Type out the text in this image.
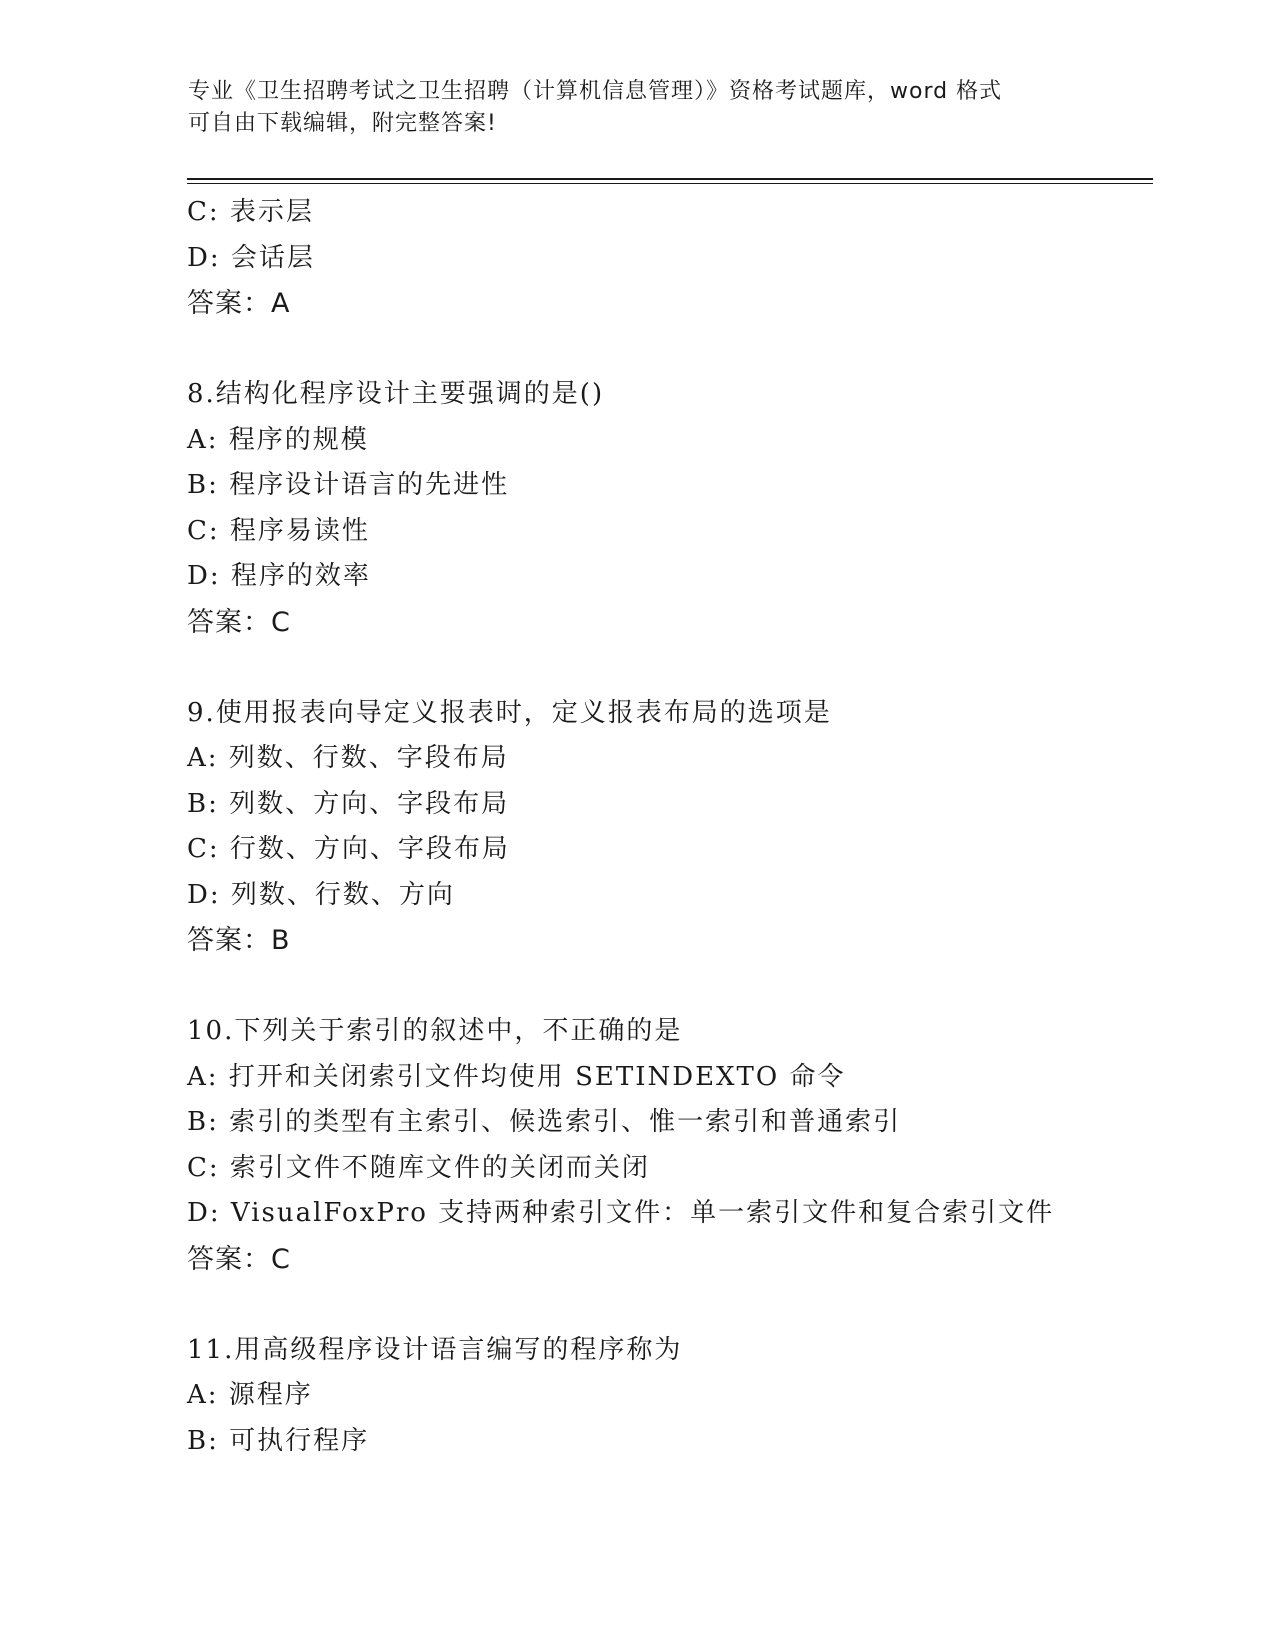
专业《卫生招聘考试之卫生招聘（计算机信息管理）》资格考试题库，word 格式
可自由下载编辑，附完整答案!
C: 表示层
D: 会话层
答案：A
8.结构化程序设计主要强调的是()
A: 程序的规模
B: 程序设计语言的先进性
C: 程序易读性
D: 程序的效率
答案：C
9.使用报表向导定义报表时，定义报表布局的选项是
A: 列数、行数、字段布局
B: 列数、方向、字段布局
C: 行数、方向、字段布局
D: 列数、行数、方向
答案：B
10.下列关于索引的叙述中，不正确的是
A: 打开和关闭索引文件均使用 SETINDEXTO 命令
B: 索引的类型有主索引、候选索引、惟一索引和普通索引
C: 索引文件不随库文件的关闭而关闭
D: VisualFoxPro 支持两种索引文件：单一索引文件和复合索引文件
答案：C
11.用高级程序设计语言编写的程序称为
A: 源程序
B: 可执行程序
